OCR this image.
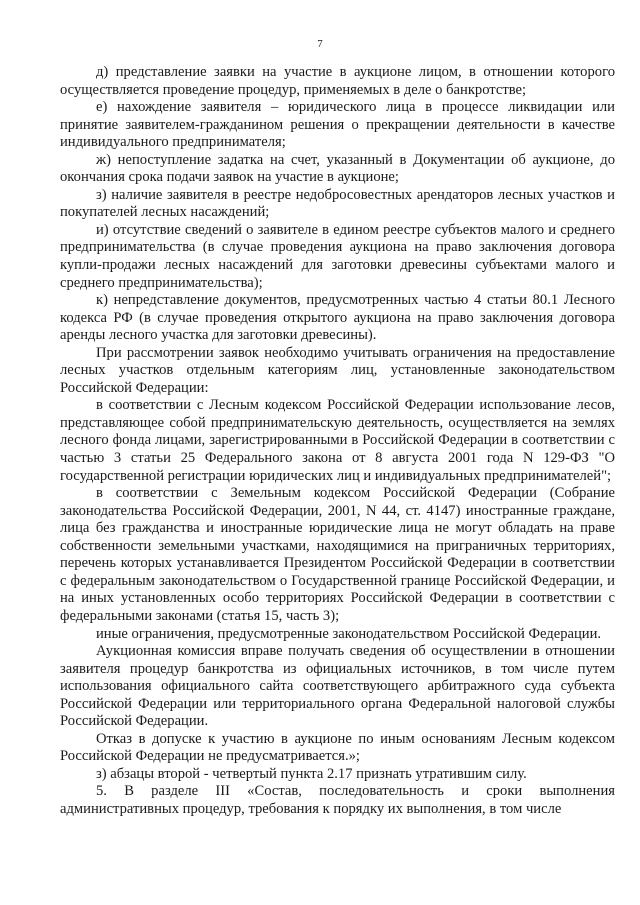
7

д) представление заявки на участие в аукционе лицом, в отношении которого осуществляется проведение процедур, применяемых в деле о банкротстве;

е) нахождение заявителя – юридического лица в процессе ликвидации или принятие заявителем-гражданином решения о прекращении деятельности в качестве индивидуального предпринимателя;

ж) непоступление задатка на счет, указанный в Документации об аукционе, до окончания срока подачи заявок на участие в аукционе;

з) наличие заявителя в реестре недобросовестных арендаторов лесных участков и покупателей лесных насаждений;

и) отсутствие сведений о заявителе в едином реестре субъектов малого и среднего предпринимательства (в случае проведения аукциона на право заключения договора купли-продажи лесных насаждений для заготовки древесины субъектами малого и среднего предпринимательства);

к) непредставление документов, предусмотренных частью 4 статьи 80.1 Лесного кодекса РФ (в случае проведения открытого аукциона на право заключения договора аренды лесного участка для заготовки древесины).

При рассмотрении заявок необходимо учитывать ограничения на предоставление лесных участков отдельным категориям лиц, установленные законодательством Российской Федерации:

в соответствии с Лесным кодексом Российской Федерации использование лесов, представляющее собой предпринимательскую деятельность, осуществляется на землях лесного фонда лицами, зарегистрированными в Российской Федерации в соответствии с частью 3 статьи 25 Федерального закона от 8 августа 2001 года N 129-ФЗ "О государственной регистрации юридических лиц и индивидуальных предпринимателей";

в соответствии с Земельным кодексом Российской Федерации (Собрание законодательства Российской Федерации, 2001, N 44, ст. 4147) иностранные граждане, лица без гражданства и иностранные юридические лица не могут обладать на праве собственности земельными участками, находящимися на приграничных территориях, перечень которых устанавливается Президентом Российской Федерации в соответствии с федеральным законодательством о Государственной границе Российской Федерации, и на иных установленных особо территориях Российской Федерации в соответствии с федеральными законами (статья 15, часть 3);

иные ограничения, предусмотренные законодательством Российской Федерации.

Аукционная комиссия вправе получать сведения об осуществлении в отношении заявителя процедур банкротства из официальных источников, в том числе путем использования официального сайта соответствующего арбитражного суда субъекта Российской Федерации или территориального органа Федеральной налоговой службы Российской Федерации.

Отказ в допуске к участию в аукционе по иным основаниям Лесным кодексом Российской Федерации не предусматривается.»;

з) абзацы второй - четвертый пункта 2.17 признать утратившим силу.

5. В разделе III «Состав, последовательность и сроки выполнения административных процедур, требования к порядку их выполнения, в том числе
